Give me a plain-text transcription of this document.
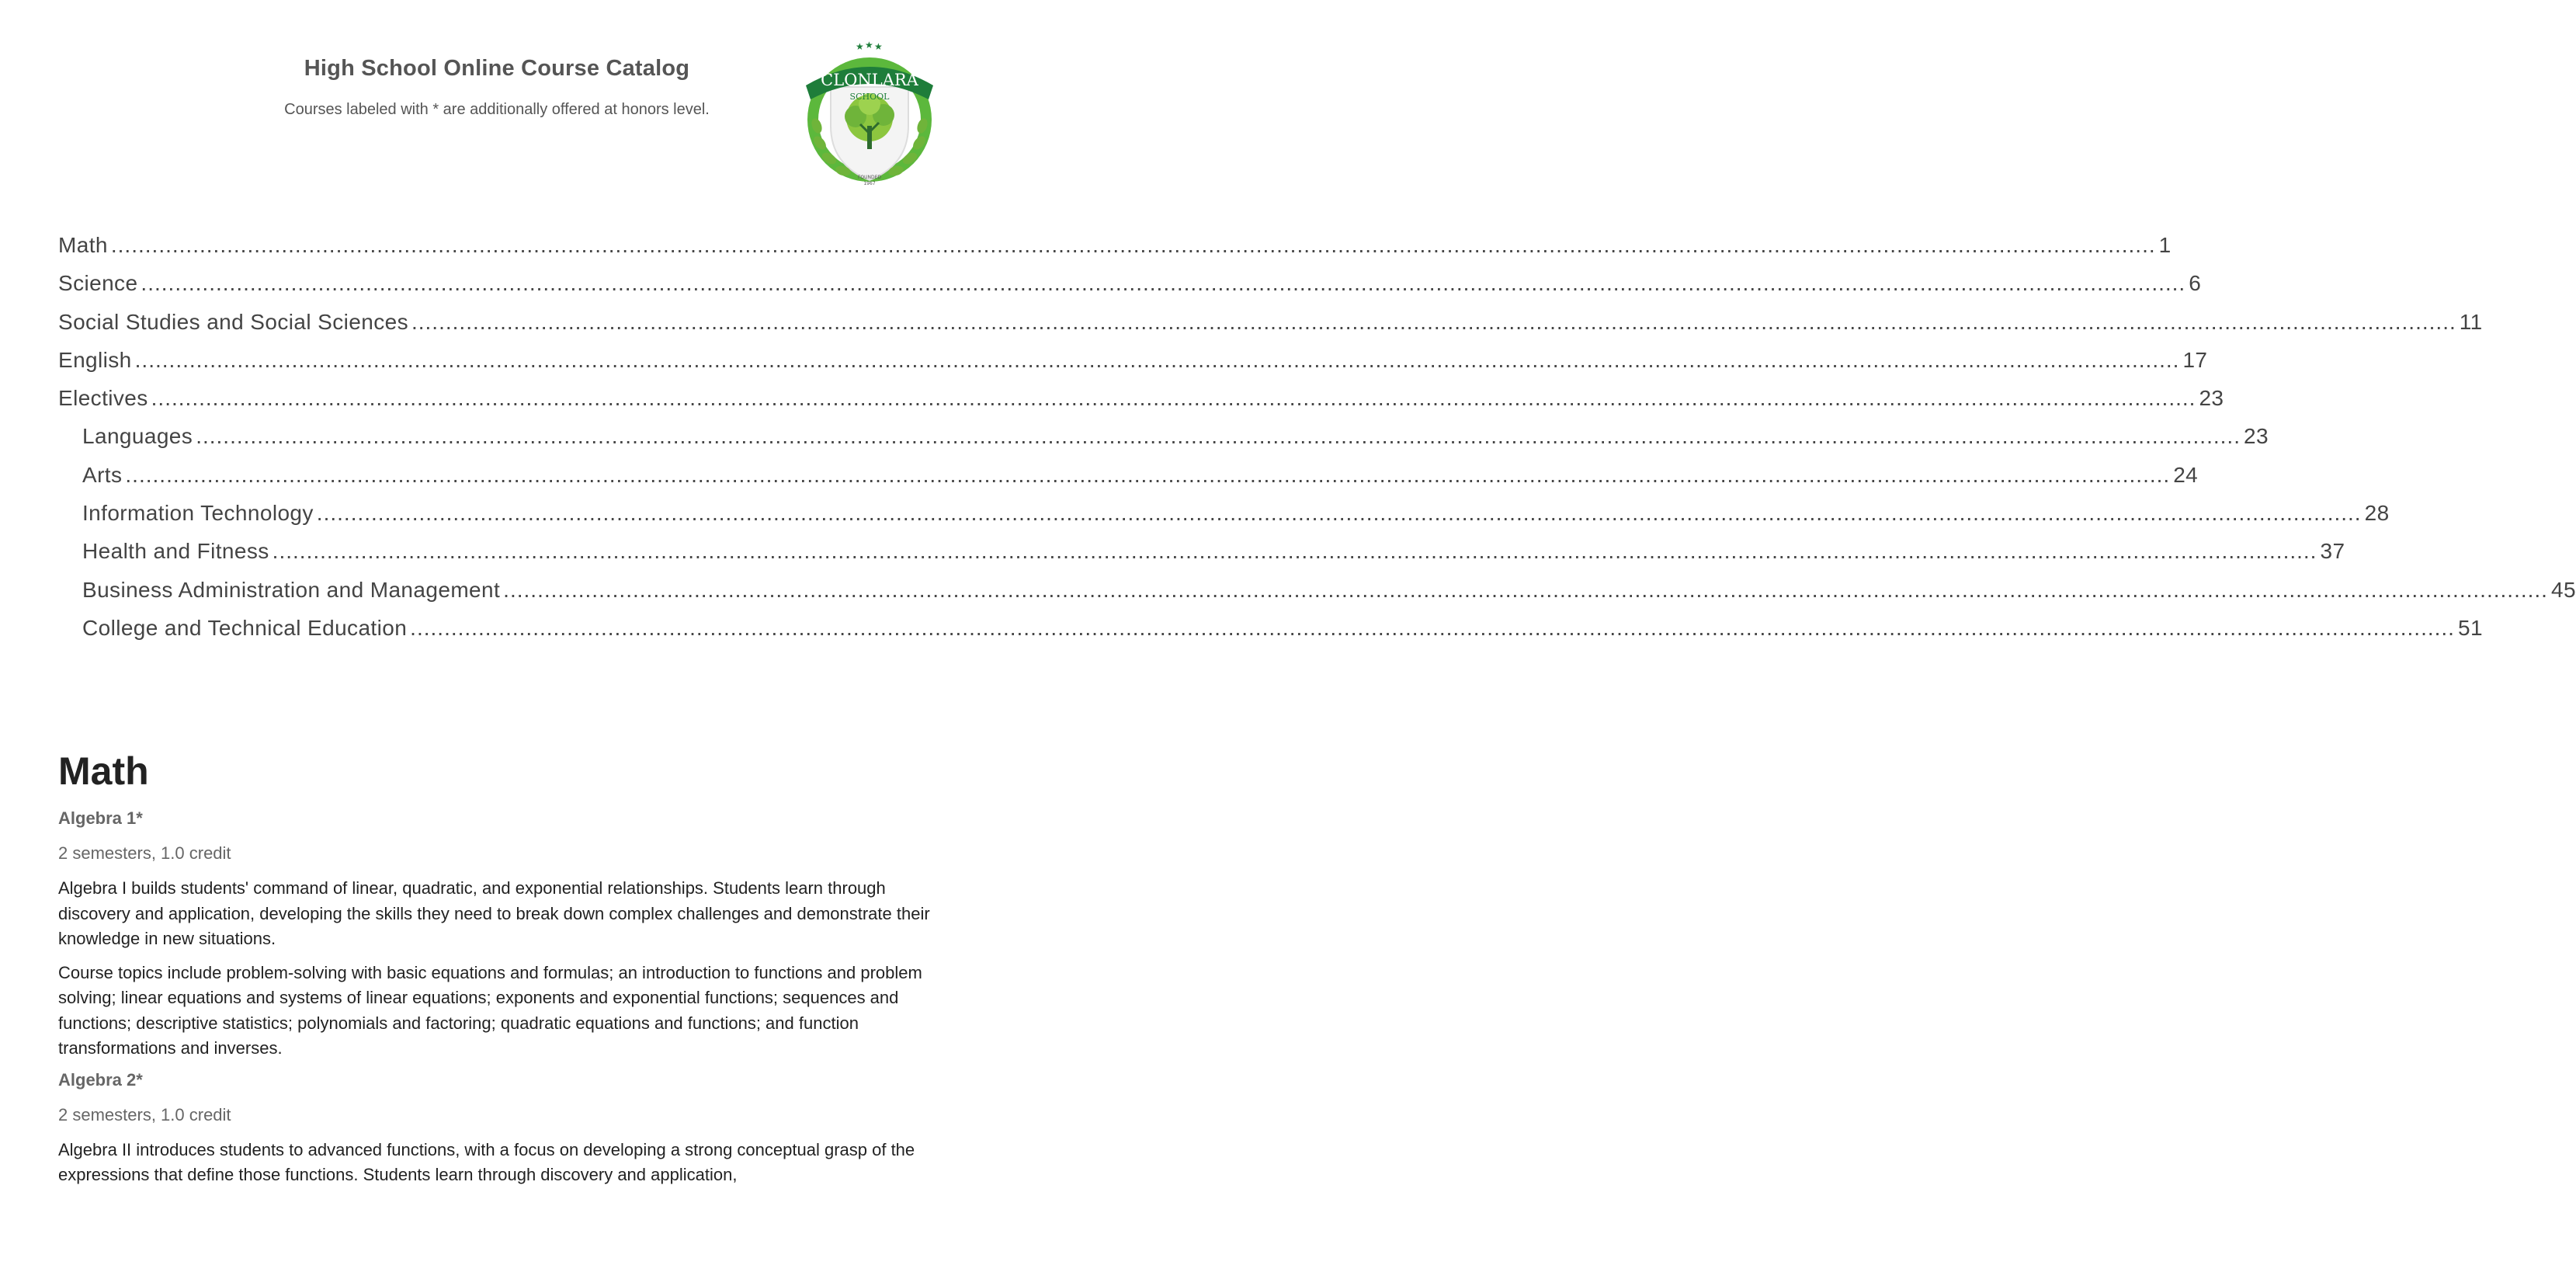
High School Online Course Catalog
Courses labeled with * are additionally offered at honors level.
★ ★ ★
CLONLARA
SCHOOL
FOUNDED
1967
Math ............................................................................................................................................................................................................................................................................................................ 1
Science ............................................................................................................................................................................................................................................................................................................ 6
Social Studies and Social Sciences ............................................................................................................................................................................................................................................................................................................ 11
English ............................................................................................................................................................................................................................................................................................................ 17
Electives ............................................................................................................................................................................................................................................................................................................ 23
Languages ............................................................................................................................................................................................................................................................................................................ 23
Arts ............................................................................................................................................................................................................................................................................................................ 24
Information Technology ............................................................................................................................................................................................................................................................................................................ 28
Health and Fitness ............................................................................................................................................................................................................................................................................................................ 37
Business Administration and Management ............................................................................................................................................................................................................................................................................................................ 45
College and Technical Education ............................................................................................................................................................................................................................................................................................................ 51
Math
Algebra 1*
2 semesters, 1.0 credit

Algebra I builds students' command of linear, quadratic, and exponential relationships. Students learn through discovery and application, developing the skills they need to break down complex challenges and demonstrate their knowledge in new situations.

Course topics include problem-solving with basic equations and formulas; an introduction to functions and problem solving; linear equations and systems of linear equations; exponents and exponential functions; sequences and functions; descriptive statistics; polynomials and factoring; quadratic equations and functions; and function transformations and inverses.

Algebra 2*
2 semesters, 1.0 credit

Algebra II introduces students to advanced functions, with a focus on developing a strong conceptual grasp of the expressions that define those functions. Students learn through discovery and application,
